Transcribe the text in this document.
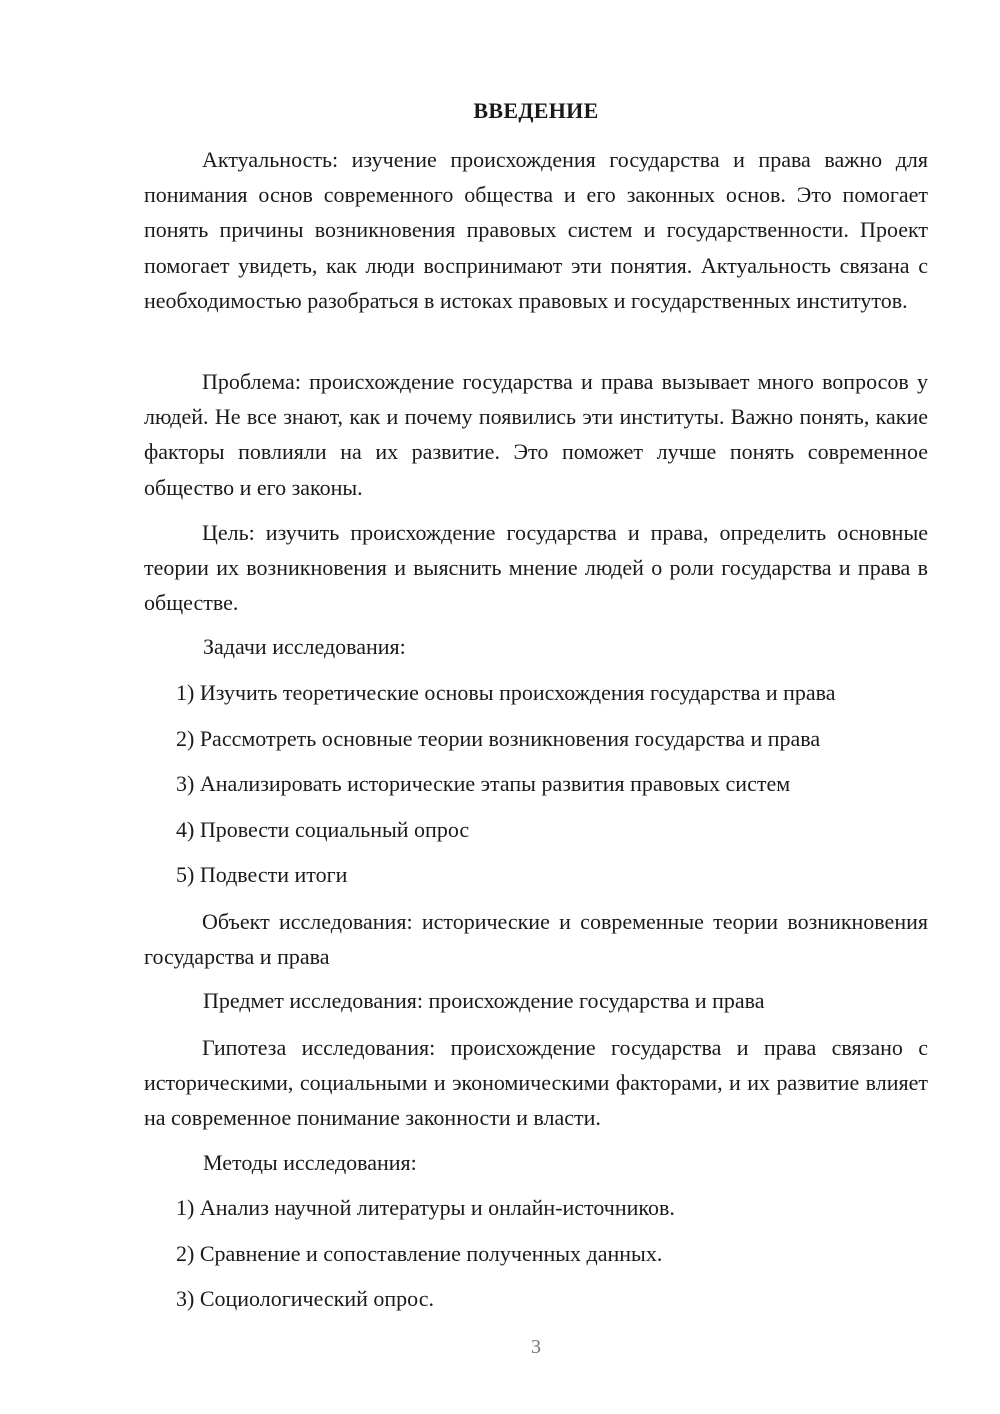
ВВЕДЕНИЕ

Актуальность: изучение происхождения государства и права важно для понимания основ современного общества и его законных основ. Это помогает понять причины возникновения правовых систем и государственности. Проект помогает увидеть, как люди воспринимают эти понятия. Актуальность связана с необходимостью разобраться в истоках правовых и государственных институтов.

Проблема: происхождение государства и права вызывает много вопросов у людей. Не все знают, как и почему появились эти институты. Важно понять, какие факторы повлияли на их развитие. Это поможет лучше понять современное общество и его законы.

Цель: изучить происхождение государства и права, определить основные теории их возникновения и выяснить мнение людей о роли государства и права в обществе.

Задачи исследования:

1) Изучить теоретические основы происхождения государства и права

2) Рассмотреть основные теории возникновения государства и права

3) Анализировать исторические этапы развития правовых систем

4) Провести социальный опрос

5) Подвести итоги

Объект исследования: исторические и современные теории возникновения государства и права

Предмет исследования: происхождение государства и права

Гипотеза исследования: происхождение государства и права связано с историческими, социальными и экономическими факторами, и их развитие влияет на современное понимание законности и власти.

Методы исследования:

1) Анализ научной литературы и онлайн-источников.

2) Сравнение и сопоставление полученных данных.

3) Социологический опрос.

3
